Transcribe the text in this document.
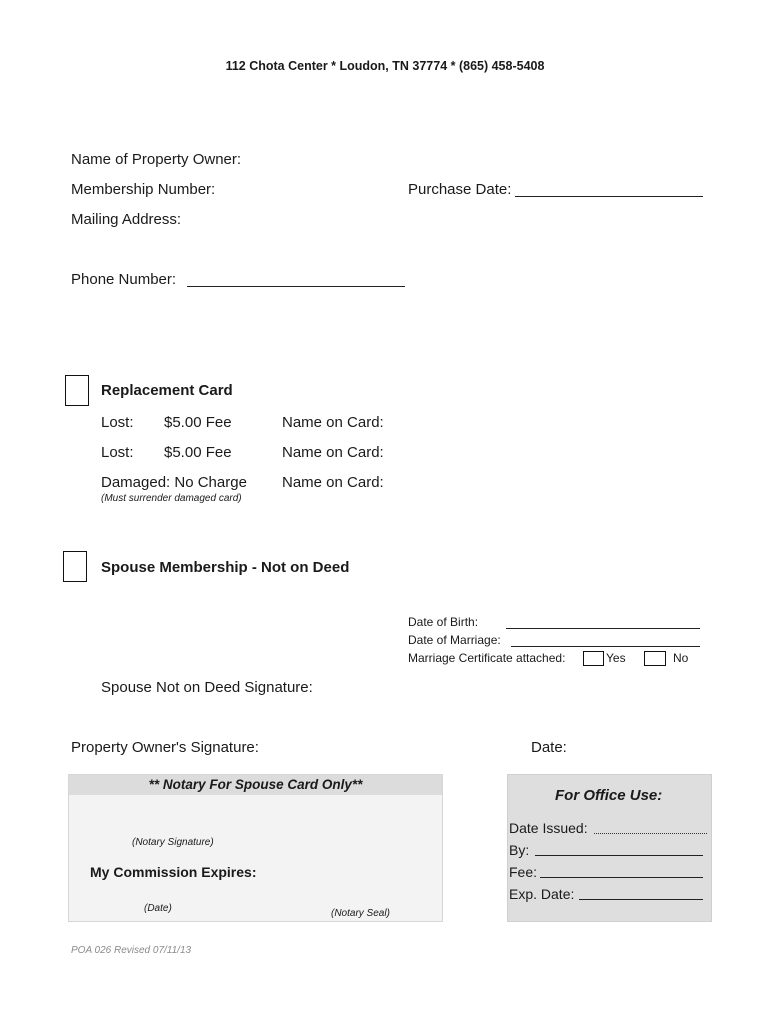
112 Chota Center * Loudon, TN 37774 * (865) 458-5408
Name of Property Owner:
Membership Number:	Purchase Date:
Mailing Address:
Phone Number:
Replacement Card
Lost: $5.00 Fee	Name on Card:
Lost: $5.00 Fee	Name on Card:
Damaged: No Charge Name on Card:
(Must surrender damaged card)
Spouse Membership - Not on Deed
Date of Birth:
Date of Marriage:
Marriage Certificate attached:	Yes	No
Spouse Not on Deed Signature:
Property Owner's Signature:	Date:
** Notary For Spouse Card Only**
(Notary Signature)
My Commission Expires:
(Date)	(Notary Seal)
For Office Use:
Date Issued:
By:
Fee:
Exp. Date:
POA 026 Revised 07/11/13
